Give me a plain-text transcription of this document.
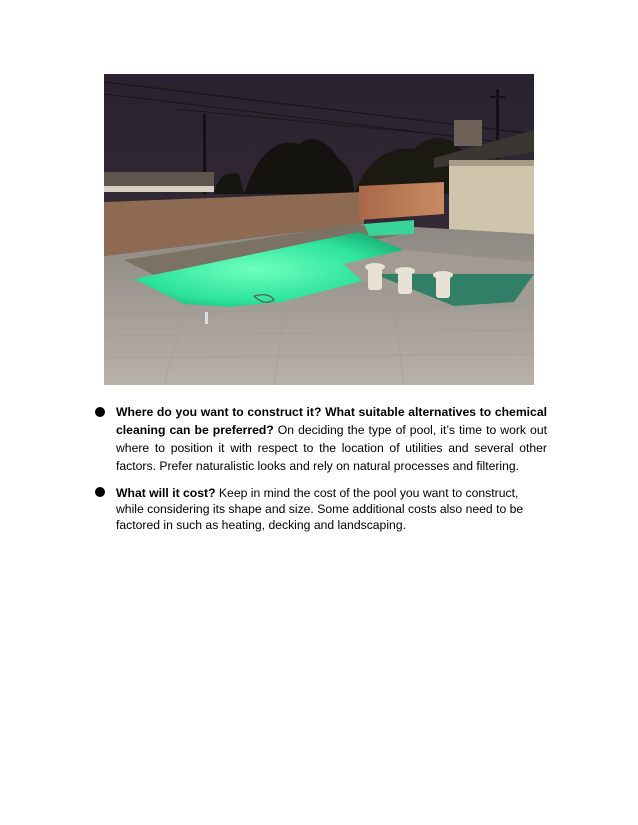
Where do you want to construct it? What suitable alternatives to chemical cleaning can be preferred? On deciding the type of pool, it’s time to work out where to position it with respect to the location of utilities and several other factors. Prefer naturalistic looks and rely on natural processes and filtering.

What will it cost? Keep in mind the cost of the pool you want to construct, while considering its shape and size. Some additional costs also need to be factored in such as heating, decking and landscaping.
